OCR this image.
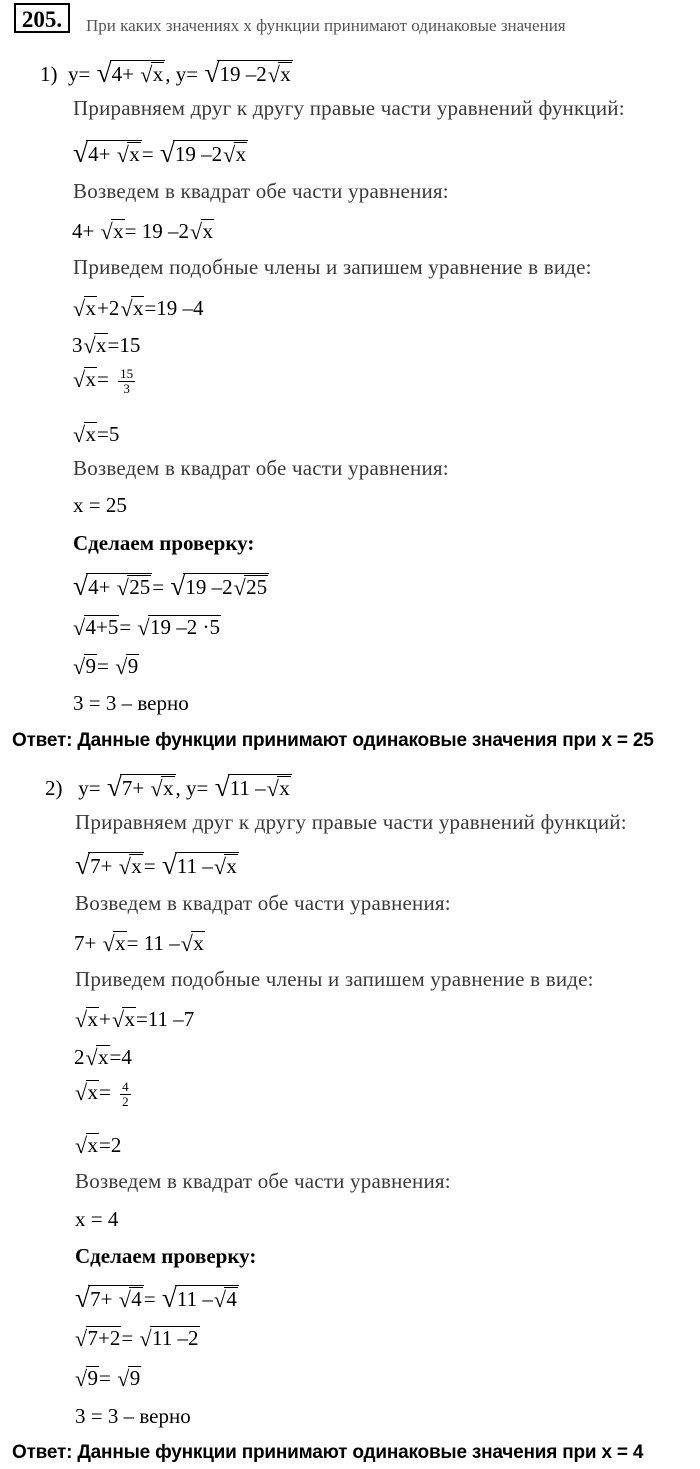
205.	При каких значениях x функции принимают одинаковые значения
1)  y= √ 4+ √ x, y= √ 19 –2 √ x
Приравняем друг к другу правые части уравнений функций:
√ 4+ √ x= √ 19 –2 √ x
Возведем в квадрат обе части уравнения:
4+ √ x= 19 –2 √ x
Приведем подобные члены и запишем уравнение в виде:
√ x+2 √ x=19 –4
3 √ x=15
√ $x= \frac{15}{3}$
√ x=5
Возведем в квадрат обе части уравнения:
x = 25
Сделаем проверку:
√ 4+ √ 25= √ 19 –2 √ 25
√ 4+5= √ 19 –2 ·5
√ 9= √ 9
3 = 3 – верно
Ответ: Данные функции принимают одинаковые значения при x = 25
2)   y= √ 7+ √ x, y= √ 11 – √ x
Приравняем друг к другу правые части уравнений функций:
√ 7+ √ x= √ 11 – √ x
Возведем в квадрат обе части уравнения:
7+ √ x= 11 – √ x
Приведем подобные члены и запишем уравнение в виде:
√ x+ √ x=11 –7
2 √ x=4
√ $x= \frac{4}{2}$
√ x=2
Возведем в квадрат обе части уравнения:
x = 4
Сделаем проверку:
√ 7+ √ 4= √ 11 – √ 4
√ 7+2= √ 11 –2
√ 9= √ 9
3 = 3 – верно
Ответ: Данные функции принимают одинаковые значения при x = 4
